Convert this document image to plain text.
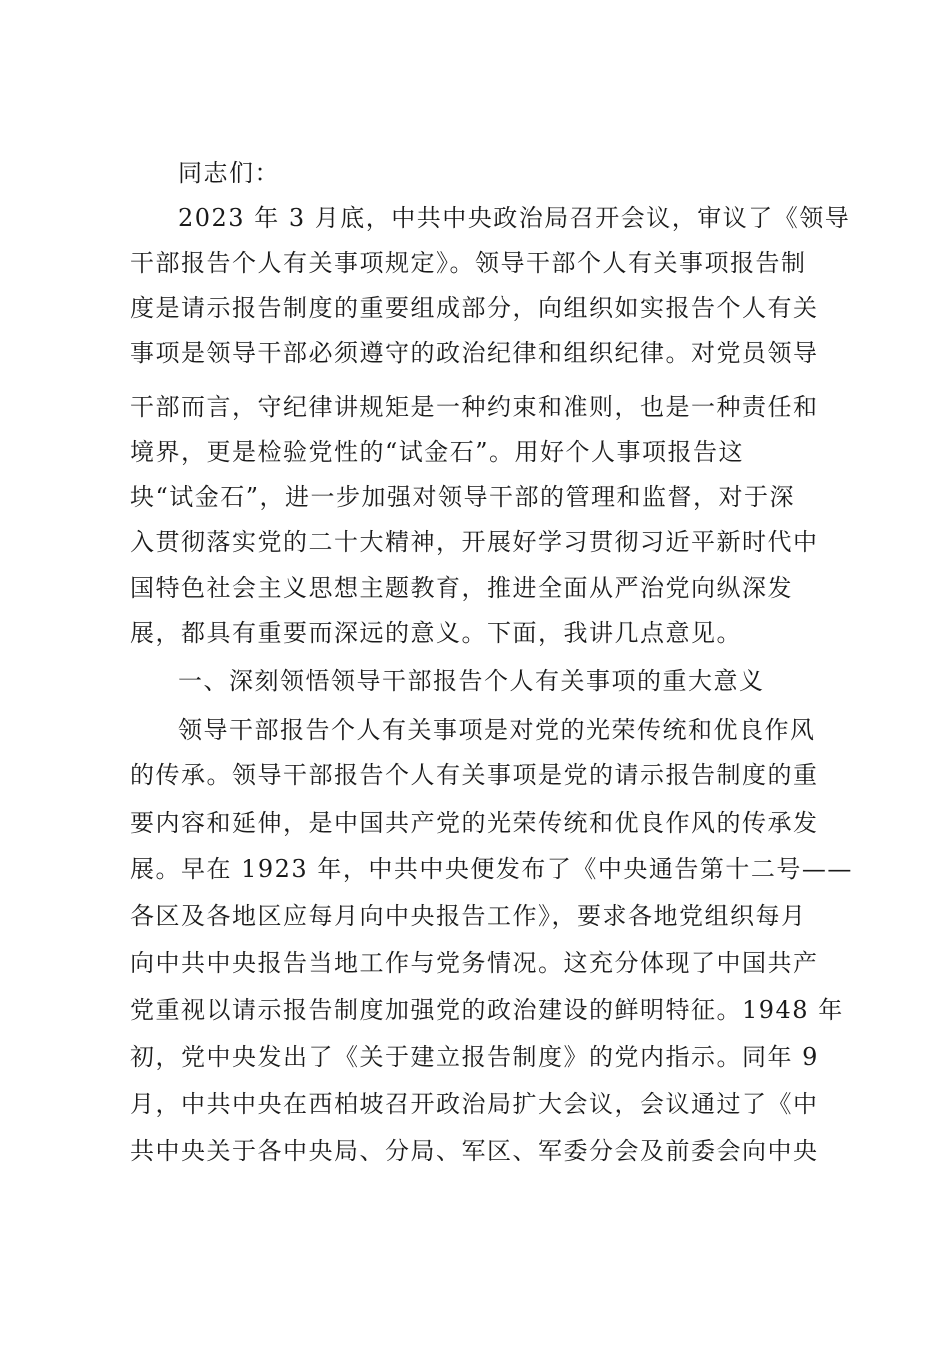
同志们：
2023 年 3 月底，中共中央政治局召开会议，审议了《领导
干部报告个人有关事项规定》。领导干部个人有关事项报告制
度是请示报告制度的重要组成部分，向组织如实报告个人有关
事项是领导干部必须遵守的政治纪律和组织纪律。对党员领导
干部而言，守纪律讲规矩是一种约束和准则，也是一种责任和
境界，更是检验党性的“试金石”。用好个人事项报告这
块“试金石”，进一步加强对领导干部的管理和监督，对于深
入贯彻落实党的二十大精神，开展好学习贯彻习近平新时代中
国特色社会主义思想主题教育，推进全面从严治党向纵深发
展，都具有重要而深远的意义。下面，我讲几点意见。
一、深刻领悟领导干部报告个人有关事项的重大意义
领导干部报告个人有关事项是对党的光荣传统和优良作风
的传承。领导干部报告个人有关事项是党的请示报告制度的重
要内容和延伸，是中国共产党的光荣传统和优良作风的传承发
展。早在 1923 年，中共中央便发布了《中央通告第十二号——
各区及各地区应每月向中央报告工作》，要求各地党组织每月
向中共中央报告当地工作与党务情况。这充分体现了中国共产
党重视以请示报告制度加强党的政治建设的鲜明特征。1948 年
初，党中央发出了《关于建立报告制度》的党内指示。同年 9
月，中共中央在西柏坡召开政治局扩大会议，会议通过了《中
共中央关于各中央局、分局、军区、军委分会及前委会向中央
